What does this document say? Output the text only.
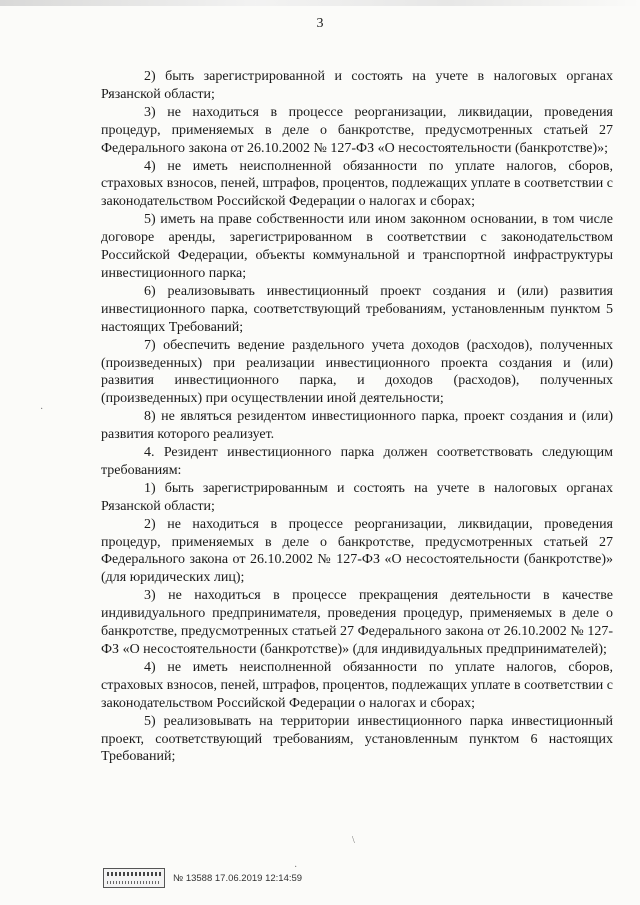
3

2) быть зарегистрированной и состоять на учете в налоговых органах Рязанской области;

3) не находиться в процессе реорганизации, ликвидации, проведения процедур, применяемых в деле о банкротстве, предусмотренных статьей 27 Федерального закона от 26.10.2002 № 127-ФЗ «О несостоятельности (банкротстве)»;

4) не иметь неисполненной обязанности по уплате налогов, сборов, страховых взносов, пеней, штрафов, процентов, подлежащих уплате в соответствии с законодательством Российской Федерации о налогах и сборах;

5) иметь на праве собственности или ином законном основании, в том числе договоре аренды, зарегистрированном в соответствии с законодательством Российской Федерации, объекты коммунальной и транспортной инфраструктуры инвестиционного парка;

6) реализовывать инвестиционный проект создания и (или) развития инвестиционного парка, соответствующий требованиям, установленным пунктом 5 настоящих Требований;

7) обеспечить ведение раздельного учета доходов (расходов), полученных (произведенных) при реализации инвестиционного проекта создания и (или) развития инвестиционного парка, и доходов (расходов), полученных (произведенных) при осуществлении иной деятельности;

8) не являться резидентом инвестиционного парка, проект создания и (или) развития которого реализует.

4. Резидент инвестиционного парка должен соответствовать следующим требованиям:

1) быть зарегистрированным и состоять на учете в налоговых органах Рязанской области;

2) не находиться в процессе реорганизации, ликвидации, проведения процедур, применяемых в деле о банкротстве, предусмотренных статьей 27 Федерального закона от 26.10.2002 № 127-ФЗ «О несостоятельности (банкротстве)» (для юридических лиц);

3) не находиться в процессе прекращения деятельности в качестве индивидуального предпринимателя, проведения процедур, применяемых в деле о банкротстве, предусмотренных статьей 27 Федерального закона от 26.10.2002 № 127-ФЗ «О несостоятельности (банкротстве)» (для индивидуальных предпринимателей);

4) не иметь неисполненной обязанности по уплате налогов, сборов, страховых взносов, пеней, штрафов, процентов, подлежащих уплате в соответствии с законодательством Российской Федерации о налогах и сборах;

5) реализовывать на территории инвестиционного парка инвестиционный проект, соответствующий требованиям, установленным пунктом 6 настоящих Требований;

·
\
·
№ 13588 17.06.2019 12:14:59
